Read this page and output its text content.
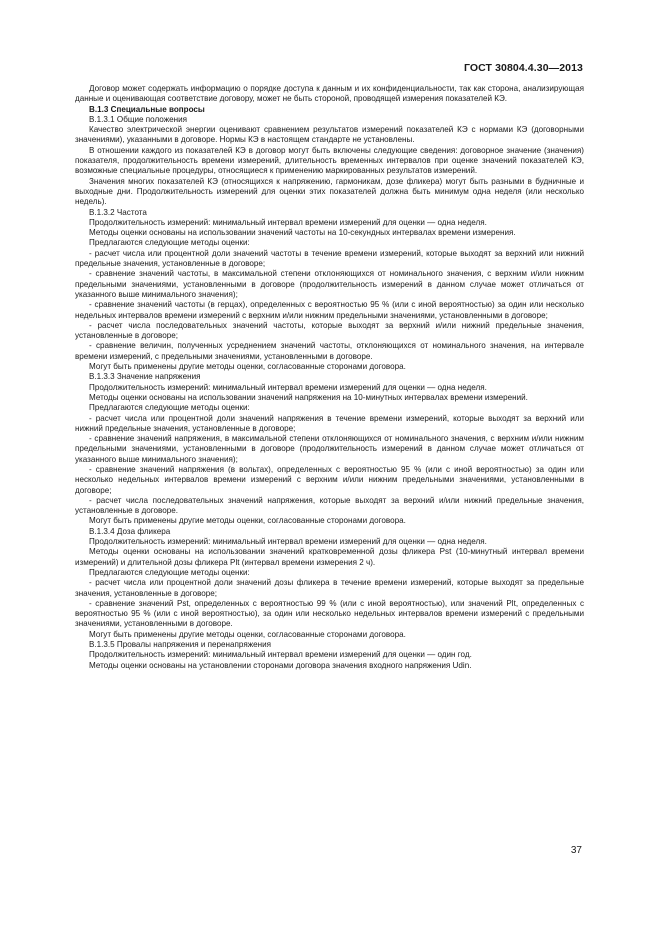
ГОСТ 30804.4.30—2013

Договор может содержать информацию о порядке доступа к данным и их конфиденциальности, так как сторона, анализирующая данные и оценивающая соответствие договору, может не быть стороной, проводящей измерения показателей КЭ.

В.1.3 Специальные вопросы

В.1.3.1 Общие положения

Качество электрической энергии оценивают сравнением результатов измерений показателей КЭ с нормами КЭ (договорными значениями), указанными в договоре. Нормы КЭ в настоящем стандарте не установлены.

В отношении каждого из показателей КЭ в договор могут быть включены следующие сведения: договорное значение (значения) показателя, продолжительность времени измерений, длительность временных интервалов при оценке значений показателей КЭ, возможные специальные процедуры, относящиеся к применению маркированных результатов измерений.

Значения многих показателей КЭ (относящихся к напряжению, гармоникам, дозе фликера) могут быть разными в будничные и выходные дни. Продолжительность измерений для оценки этих показателей должна быть минимум одна неделя (или несколько недель).

В.1.3.2 Частота

Продолжительность измерений: минимальный интервал времени измерений для оценки — одна неделя.

Методы оценки основаны на использовании значений частоты на 10-секундных интервалах времени измерения.

Предлагаются следующие методы оценки:

- расчет числа или процентной доли значений частоты в течение времени измерений, которые выходят за верхний или нижний предельные значения, установленные в договоре;

- сравнение значений частоты, в максимальной степени отклоняющихся от номинального значения, с верхним и/или нижним предельными значениями, установленными в договоре (продолжительность измерений в данном случае может отличаться от указанного выше минимального значения);

- сравнение значений частоты (в герцах), определенных с вероятностью 95 % (или с иной вероятностью) за один или несколько недельных интервалов времени измерений с верхним и/или нижним предельными значениями, установленными в договоре;

- расчет числа последовательных значений частоты, которые выходят за верхний и/или нижний предельные значения, установленные в договоре;

- сравнение величин, полученных усреднением значений частоты, отклоняющихся от номинального значения, на интервале времени измерений, с предельными значениями, установленными в договоре.

Могут быть применены другие методы оценки, согласованные сторонами договора.

В.1.3.3 Значение напряжения

Продолжительность измерений: минимальный интервал времени измерений для оценки — одна неделя.

Методы оценки основаны на использовании значений напряжения на 10-минутных интервалах времени измерений.

Предлагаются следующие методы оценки:

- расчет числа или процентной доли значений напряжения в течение времени измерений, которые выходят за верхний или нижний предельные значения, установленные в договоре;

- сравнение значений напряжения, в максимальной степени отклоняющихся от номинального значения, с верхним и/или нижним предельными значениями, установленными в договоре (продолжительность измерений в данном случае может отличаться от указанного выше минимального значения);

- сравнение значений напряжения (в вольтах), определенных с вероятностью 95 % (или с иной вероятностью) за один или несколько недельных интервалов времени измерений с верхним и/или нижним предельными значениями, установленными в договоре;

- расчет числа последовательных значений напряжения, которые выходят за верхний и/или нижний предельные значения, установленные в договоре.

Могут быть применены другие методы оценки, согласованные сторонами договора.

В.1.3.4 Доза фликера

Продолжительность измерений: минимальный интервал времени измерений для оценки — одна неделя.

Методы оценки основаны на использовании значений кратковременной дозы фликера Pst (10-минутный интервал времени измерений) и длительной дозы фликера Plt (интервал времени измерения 2 ч).

Предлагаются следующие методы оценки:

- расчет числа или процентной доли значений дозы фликера в течение времени измерений, которые выходят за предельные значения, установленные в договоре;

- сравнение значений Pst, определенных с вероятностью 99 % (или с иной вероятностью), или значений Plt, определенных с вероятностью 95 % (или с иной вероятностью), за один или несколько недельных интервалов времени измерений с предельными значениями, установленными в договоре.

Могут быть применены другие методы оценки, согласованные сторонами договора.

В.1.3.5 Провалы напряжения и перенапряжения

Продолжительность измерений: минимальный интервал времени измерений для оценки — один год.

Методы оценки основаны на установлении сторонами договора значения входного напряжения Udin.

37
